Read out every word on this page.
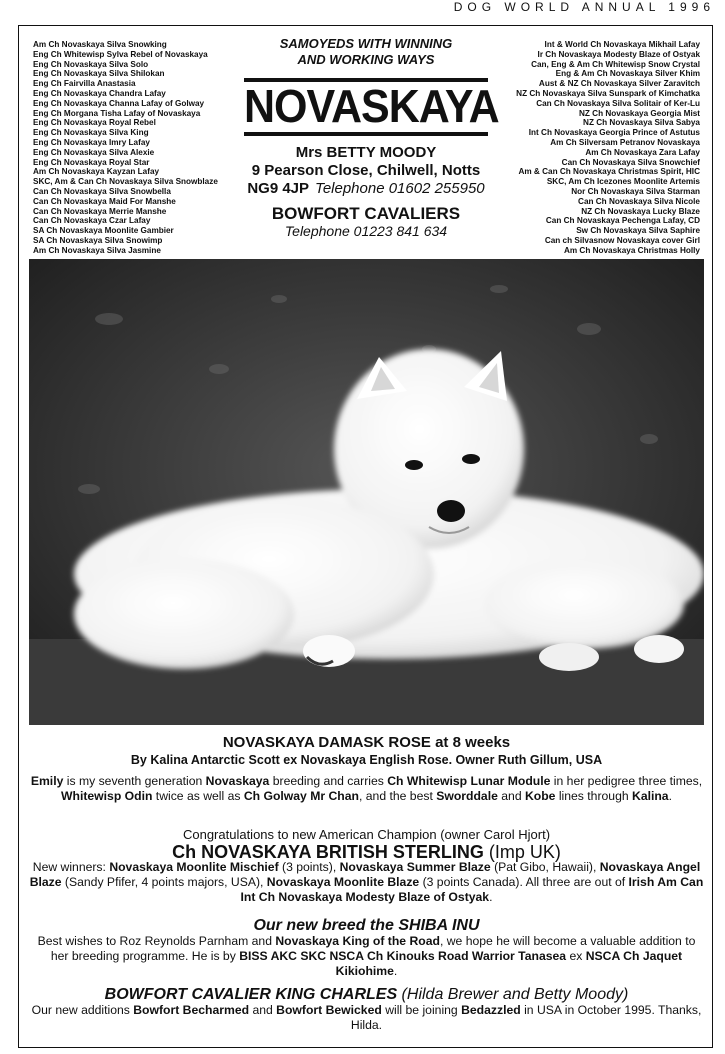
DOG WORLD ANNUAL 1996
Am Ch Novaskaya Silva Snowking
Eng Ch Whitewisp Sylva Rebel of Novaskaya
Eng Ch Novaskaya Silva Solo
Eng Ch Novaskaya Silva Shilokan
Eng Ch Fairvilla Anastasia
Eng Ch Novaskaya Chandra Lafay
Eng Ch Novaskaya Channa Lafay of Golway
Eng Ch Morgana Tisha Lafay of Novaskaya
Eng Ch Novaskaya Royal Rebel
Eng Ch Novaskaya Silva King
Eng Ch Novaskaya Imry Lafay
Eng Ch Novaskaya Silva Alexie
Eng Ch Novaskaya Royal Star
Am Ch Novaskaya Kayzan Lafay
SKC, Am & Can Ch Novaskaya Silva Snowblaze
Can Ch Novaskaya Silva Snowbella
Can Ch Novaskaya Maid For Manshe
Can Ch Novaskaya Merrie Manshe
Can Ch Novaskaya Czar Lafay
SA Ch Novaskaya Moonlite Gambier
SA Ch Novaskaya Silva Snowimp
Am Ch Novaskaya Silva Jasmine
SAMOYEDS WITH WINNING
AND WORKING WAYS
NOVASKAYA
Mrs BETTY MOODY
9 Pearson Close, Chilwell, Notts
NG9 4JP Telephone 01602 255950
BOWFORT CAVALIERS
Telephone 01223 841 634
Int & World Ch Novaskaya Mikhail Lafay
Ir Ch Novaskaya Modesty Blaze of Ostyak
Can, Eng & Am Ch Whitewisp Snow Crystal
Eng & Am Ch Novaskaya Silver Khim
Aust & NZ Ch Novaskaya Silver Zaravitch
NZ Ch Novaskaya Silva Sunspark of Kimchatka
Can Ch Novaskaya Silva Solitair of Ker-Lu
NZ Ch Novaskaya Georgia Mist
NZ Ch Novaskaya Silva Sabya
Int Ch Novaskaya Georgia Prince of Astutus
Am Ch Silversam Petranov Novaskaya
Am Ch Novaskaya Zara Lafay
Can Ch Novaskaya Silva Snowchief
Am & Can Ch Novaskaya Christmas Spirit, HIC
SKC, Am Ch Icezones Moonlite Artemis
Nor Ch Novaskaya Silva Starman
Can Ch Novaskaya Silva Nicole
NZ Ch Novaskaya Lucky Blaze
Can Ch Novaskaya Pechenga Lafay, CD
Sw Ch Novaskaya Silva Saphire
Can ch Silvasnow Novaskaya cover Girl
Am Ch Novaskaya Christmas Holly
NOVASKAYA DAMASK ROSE at 8 weeks
By Kalina Antarctic Scott ex Novaskaya English Rose. Owner Ruth Gillum, USA
Emily is my seventh generation Novaskaya breeding and carries Ch Whitewisp Lunar Module in her pedigree three times, Whitewisp Odin twice as well as Ch Golway Mr Chan, and the best Sworddale and Kobe lines through Kalina.
Congratulations to new American Champion (owner Carol Hjort)
Ch NOVASKAYA BRITISH STERLING (Imp UK)
New winners: Novaskaya Moonlite Mischief (3 points), Novaskaya Summer Blaze (Pat Gibo, Hawaii), Novaskaya Angel Blaze (Sandy Pfifer, 4 points majors, USA), Novaskaya Moonlite Blaze (3 points Canada). All three are out of Irish Am Can Int Ch Novaskaya Modesty Blaze of Ostyak.
Our new breed the SHIBA INU
Best wishes to Roz Reynolds Parnham and Novaskaya King of the Road, we hope he will become a valuable addition to her breeding programme. He is by BISS AKC SKC NSCA Ch Kinouks Road Warrior Tanasea ex NSCA Ch Jaquet Kikiohime.
BOWFORT CAVALIER KING CHARLES (Hilda Brewer and Betty Moody)
Our new additions Bowfort Becharmed and Bowfort Bewicked will be joining Bedazzled in USA in October 1995. Thanks, Hilda.
